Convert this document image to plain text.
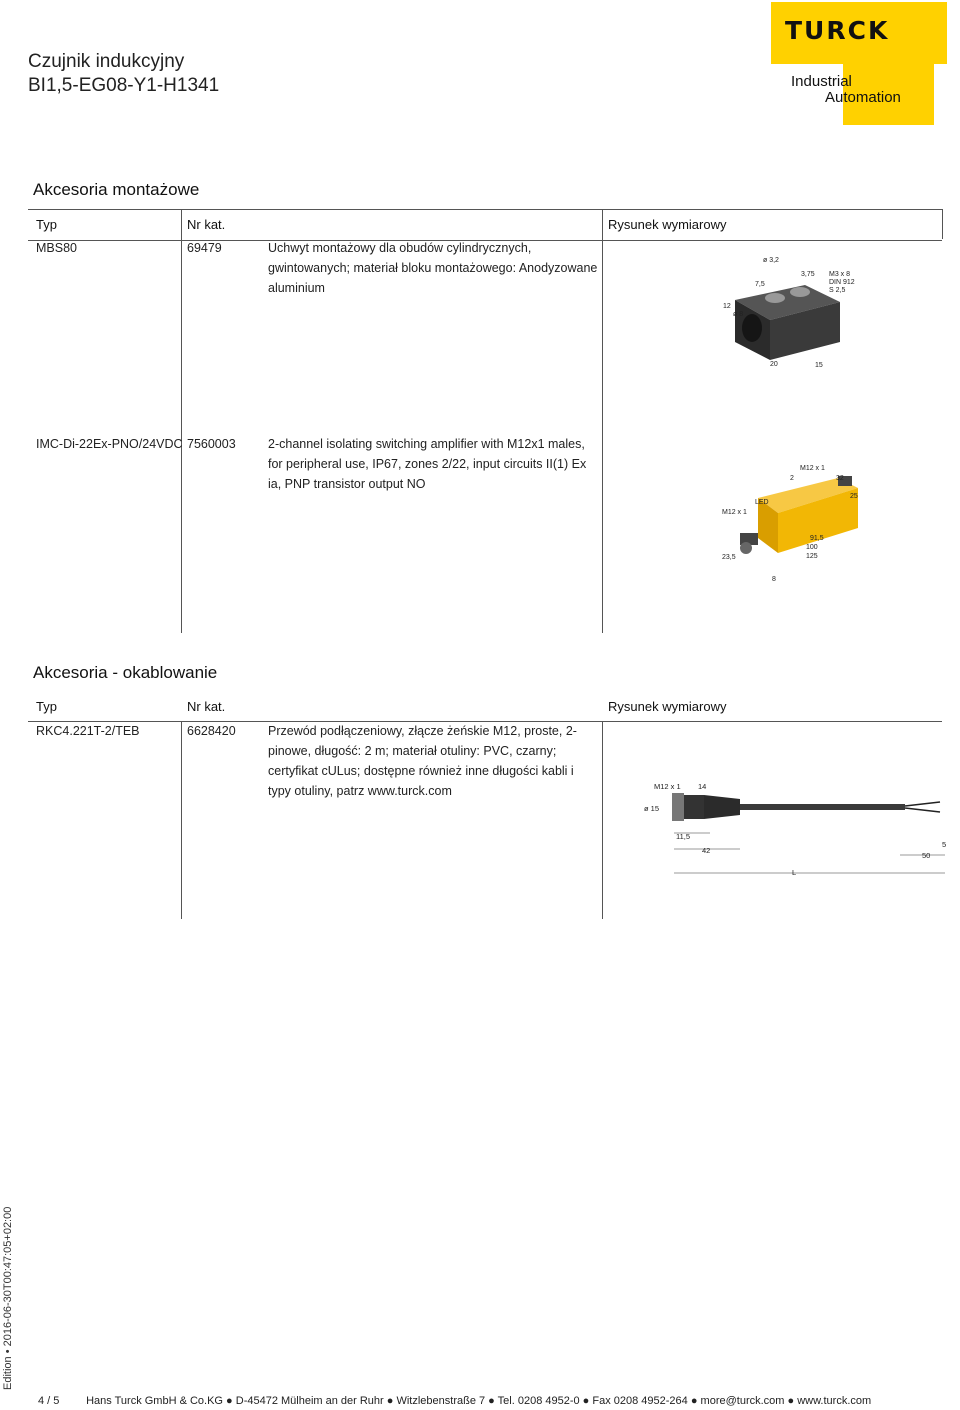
Czujnik indukcyjny
BI1,5-EG08-Y1-H1341
TURCK
Industrial
Automation
Akcesoria montażowe
Typ	Nr kat.	Rysunek wymiarowy
MBS80	69479	Uchwyt montażowy dla obudów cylindrycznych, gwintowanych; materiał bloku montażowego: Anodyzowane aluminium
ø 3,2
7,5
3,75 M3 x 8
DIN 912
S 2,5
12
ø 8
20	15
IMC-Di-22Ex-PNO/24VDC 7560003	2-channel isolating switching amplifier with M12x1 males, for peripheral use, IP67, zones 2/22, input circuits II(1) Ex ia, PNP transistor output NO
M12 x 1
32
25
2
LED
M12 x 1
91,5
100
125
23,5
8
Akcesoria - okablowanie
Typ	Nr kat.	Rysunek wymiarowy
RKC4.221T-2/TEB	6628420	Przewód podłączeniowy, złącze żeńskie M12, proste, 2-pinowe, długość: 2 m; materiał otuliny: PVC, czarny; certyfikat cULus; dostępne również inne długości kabli i typy otuliny, patrz www.turck.com	M12 x 1 14
ø 15
11,5
42
5
50
L
Edition • 2016-06-30T00:47:05+02:00
4 / 5 Hans Turck GmbH & Co.KG ● D-45472 Mülheim an der Ruhr ● Witzlebenstraße 7 ● Tel. 0208 4952-0 ● Fax 0208 4952-264 ● more@turck.com ● www.turck.com
